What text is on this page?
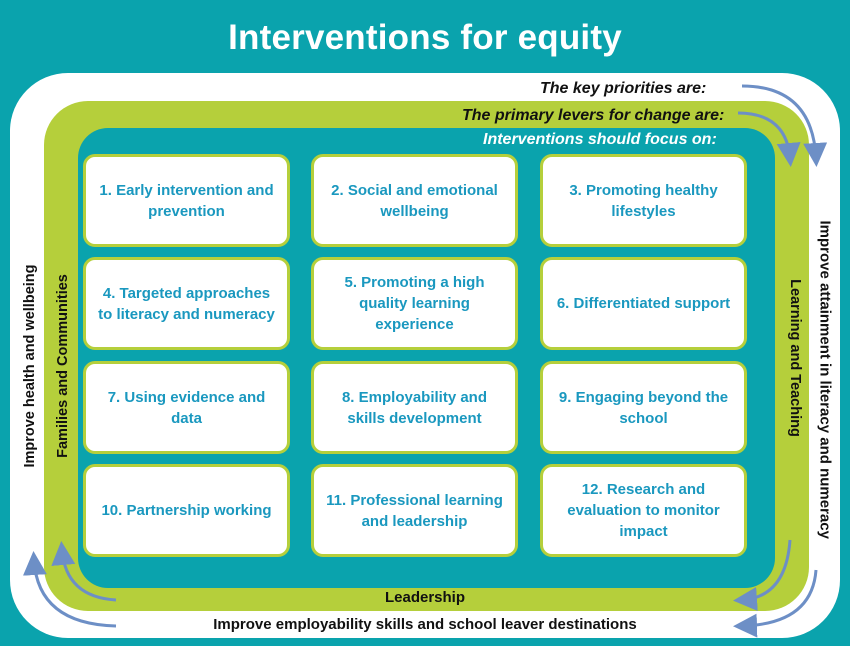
Interventions for equity
The key priorities are:
The primary levers for change are:
Interventions should focus on:
Improve health and wellbeing Families and Communities	Learning and Teaching Improve attainment in literacy and numeracy
Leadership
Improve employability skills and school leaver destinations
1. Early intervention and prevention
2. Social and emotional wellbeing
3. Promoting healthy lifestyles
4. Targeted approaches to literacy and numeracy
5. Promoting a high quality learning experience
6. Differentiated support
7. Using evidence and data
8. Employability and skills development
9. Engaging beyond the school
10. Partnership working
11. Professional learning and leadership
12. Research and evaluation to monitor impact
